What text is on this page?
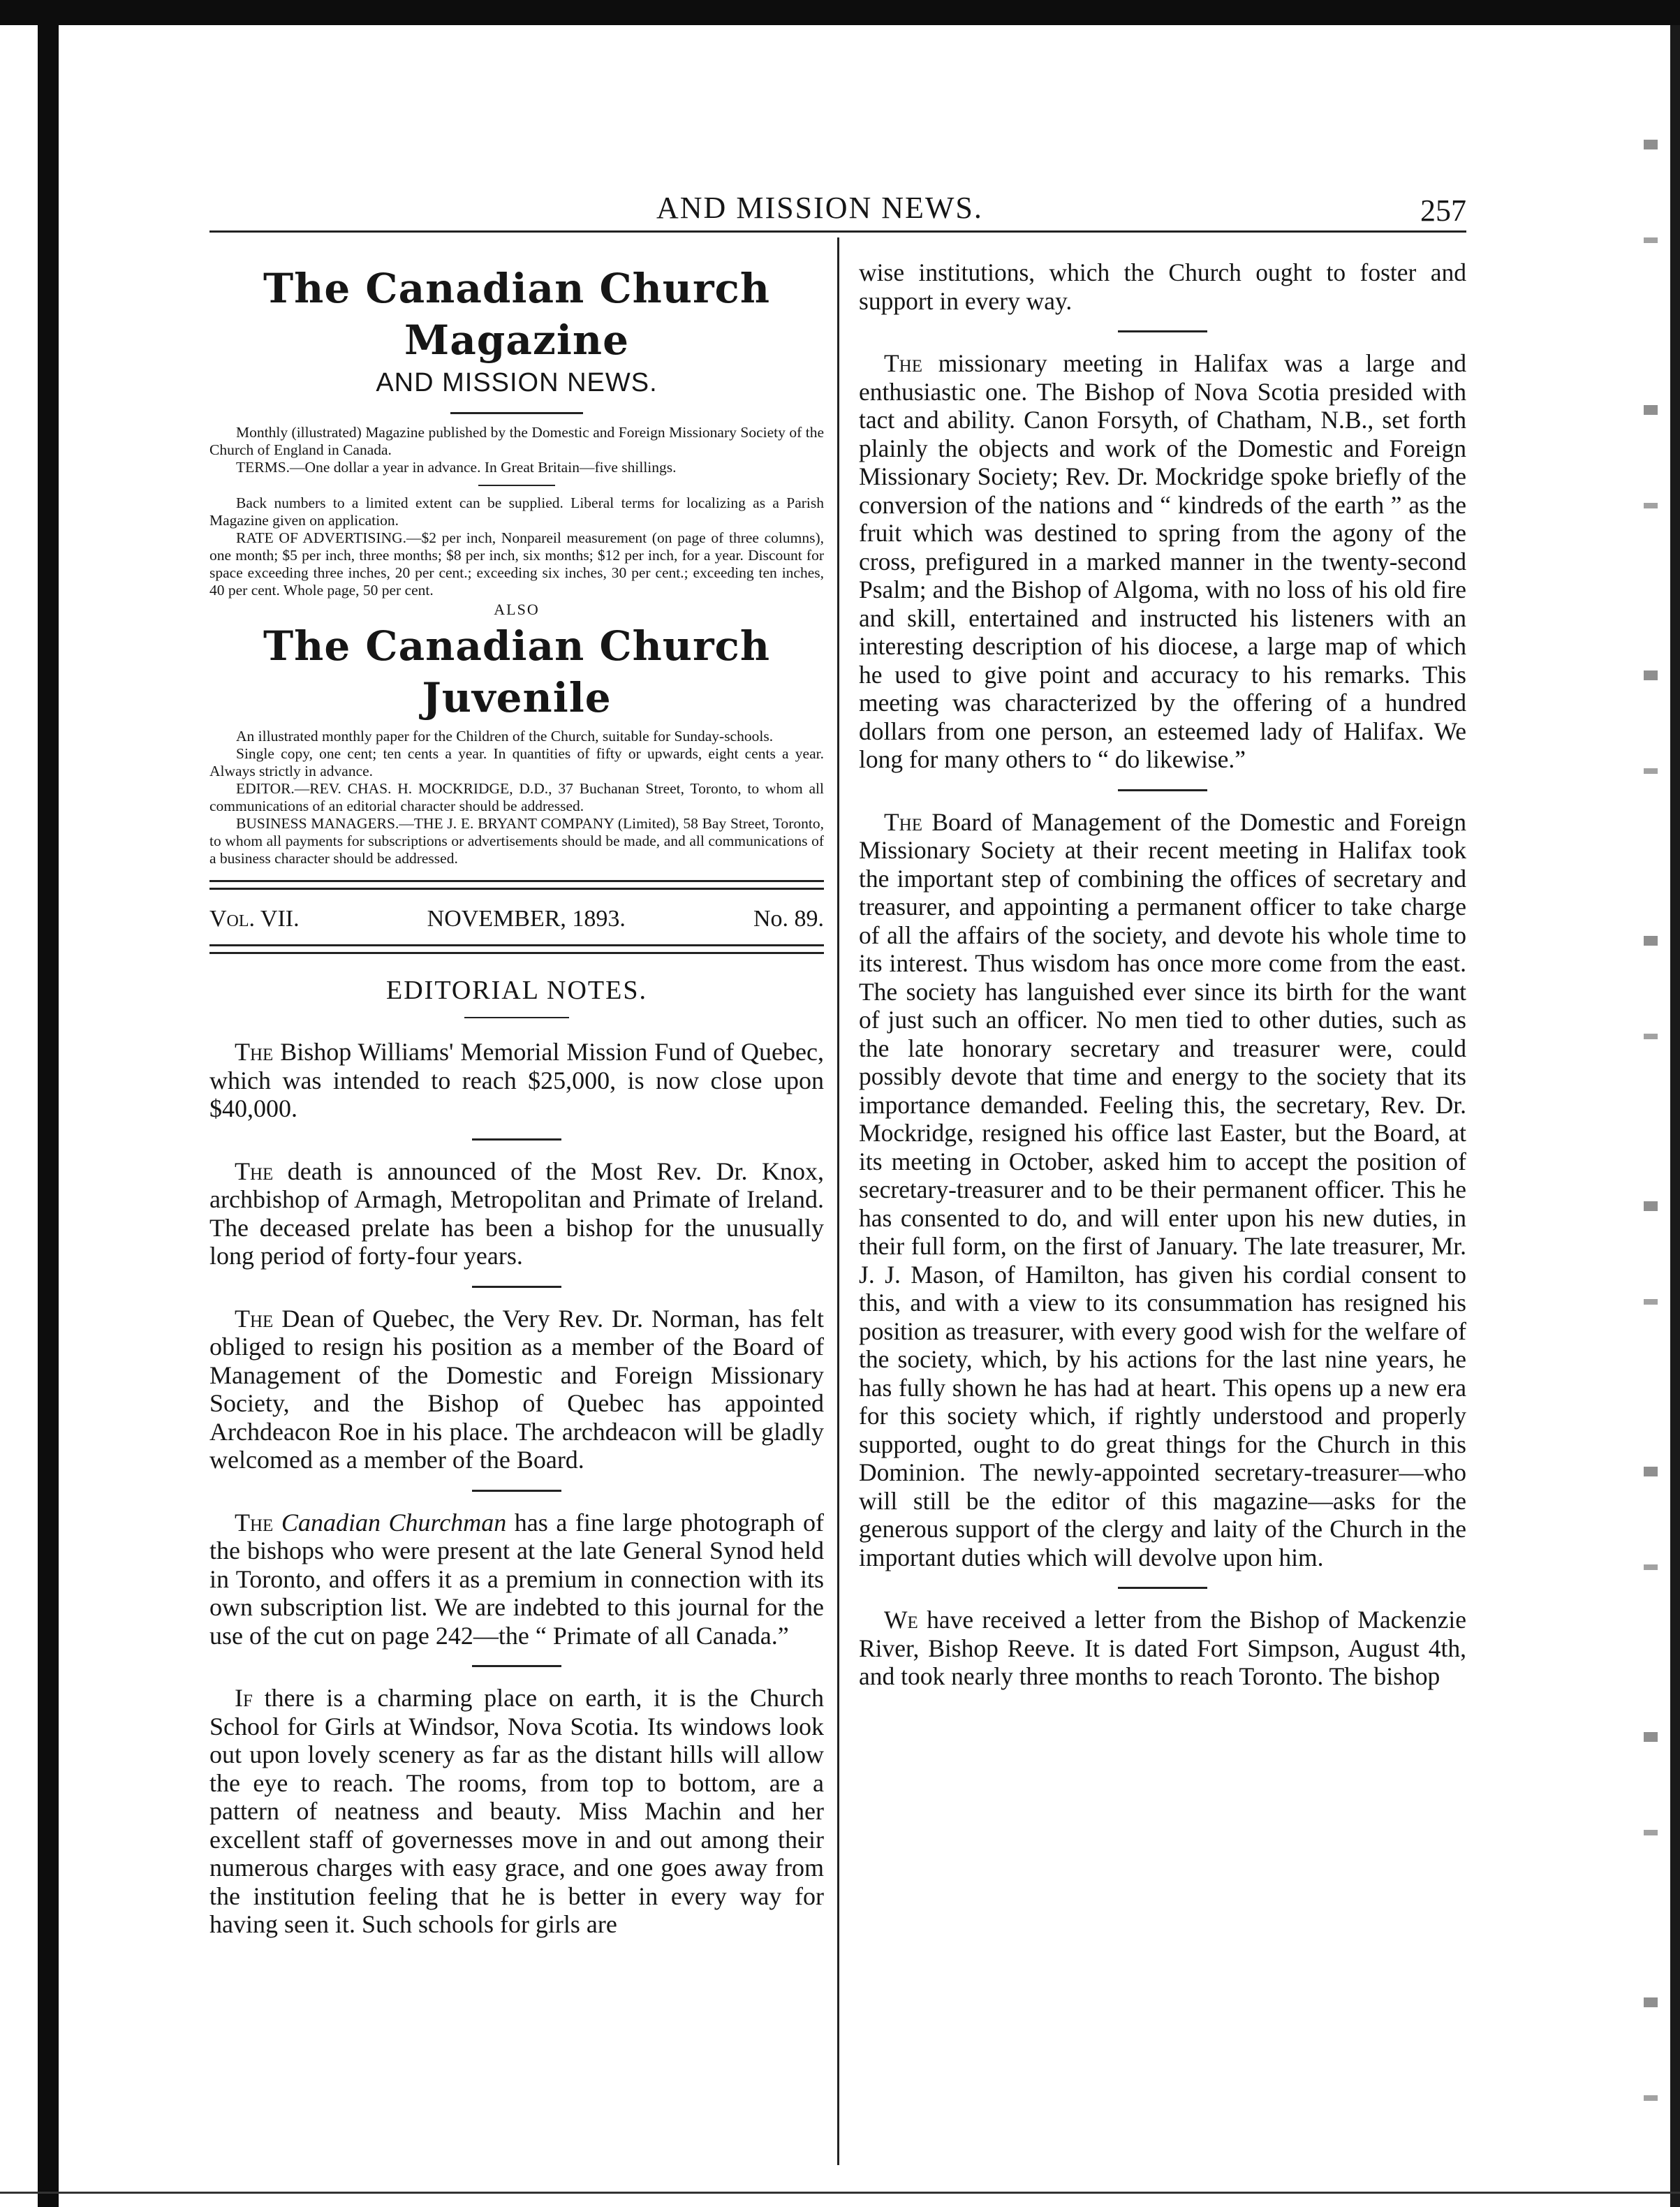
AND MISSION NEWS.	257
The Canadian Church Magazine
AND MISSION NEWS.

Monthly (illustrated) Magazine published by the Domestic and Foreign Missionary Society of the Church of England in Canada.

TERMS.—One dollar a year in advance. In Great Britain—five shillings.

Back numbers to a limited extent can be supplied. Liberal terms for localizing as a Parish Magazine given on application.

RATE OF ADVERTISING.—$2 per inch, Nonpareil measurement (on page of three columns), one month; $5 per inch, three months; $8 per inch, six months; $12 per inch, for a year. Discount for space exceeding three inches, 20 per cent.; exceeding six inches, 30 per cent.; exceeding ten inches, 40 per cent. Whole page, 50 per cent.

ALSO
The Canadian Church Juvenile

An illustrated monthly paper for the Children of the Church, suitable for Sunday-schools.

Single copy, one cent; ten cents a year. In quantities of fifty or upwards, eight cents a year. Always strictly in advance.

EDITOR.—REV. CHAS. H. MOCKRIDGE, D.D., 37 Buchanan Street, Toronto, to whom all communications of an editorial character should be addressed.

BUSINESS MANAGERS.—THE J. E. BRYANT COMPANY (Limited), 58 Bay Street, Toronto, to whom all payments for subscriptions or advertisements should be made, and all communications of a business character should be addressed.

Vol. VII.	NOVEMBER, 1893.	No. 89.
EDITORIAL NOTES.

The Bishop Williams' Memorial Mission Fund of Quebec, which was intended to reach $25,000, is now close upon $40,000.

The death is announced of the Most Rev. Dr. Knox, archbishop of Armagh, Metropolitan and Primate of Ireland. The deceased prelate has been a bishop for the unusually long period of forty-four years.

The Dean of Quebec, the Very Rev. Dr. Norman, has felt obliged to resign his position as a member of the Board of Management of the Domestic and Foreign Missionary Society, and the Bishop of Quebec has appointed Archdeacon Roe in his place. The archdeacon will be gladly welcomed as a member of the Board.

The Canadian Churchman has a fine large photograph of the bishops who were present at the late General Synod held in Toronto, and offers it as a premium in connection with its own subscription list. We are indebted to this journal for the use of the cut on page 242—the “ Primate of all Canada.”

If there is a charming place on earth, it is the Church School for Girls at Windsor, Nova Scotia. Its windows look out upon lovely scenery as far as the distant hills will allow the eye to reach. The rooms, from top to bottom, are a pattern of neatness and beauty. Miss Machin and her excellent staff of governesses move in and out among their numerous charges with easy grace, and one goes away from the institution feeling that he is better in every way for having seen it. Such schools for girls are

wise institutions, which the Church ought to foster and support in every way.

The missionary meeting in Halifax was a large and enthusiastic one. The Bishop of Nova Scotia presided with tact and ability. Canon Forsyth, of Chatham, N.B., set forth plainly the objects and work of the Domestic and Foreign Missionary Society; Rev. Dr. Mockridge spoke briefly of the conversion of the nations and “ kindreds of the earth ” as the fruit which was destined to spring from the agony of the cross, prefigured in a marked manner in the twenty-second Psalm; and the Bishop of Algoma, with no loss of his old fire and skill, entertained and instructed his listeners with an interesting description of his diocese, a large map of which he used to give point and accuracy to his remarks. This meeting was characterized by the offering of a hundred dollars from one person, an esteemed lady of Halifax. We long for many others to “ do likewise.”

The Board of Management of the Domestic and Foreign Missionary Society at their recent meeting in Halifax took the important step of combining the offices of secretary and treasurer, and appointing a permanent officer to take charge of all the affairs of the society, and devote his whole time to its interest. Thus wisdom has once more come from the east. The society has languished ever since its birth for the want of just such an officer. No men tied to other duties, such as the late honorary secretary and treasurer were, could possibly devote that time and energy to the society that its importance demanded. Feeling this, the secretary, Rev. Dr. Mockridge, resigned his office last Easter, but the Board, at its meeting in October, asked him to accept the position of secretary-treasurer and to be their permanent officer. This he has consented to do, and will enter upon his new duties, in their full form, on the first of January. The late treasurer, Mr. J. J. Mason, of Hamilton, has given his cordial consent to this, and with a view to its consummation has resigned his position as treasurer, with every good wish for the welfare of the society, which, by his actions for the last nine years, he has fully shown he has had at heart. This opens up a new era for this society which, if rightly understood and properly supported, ought to do great things for the Church in this Dominion. The newly-appointed secretary-treasurer—who will still be the editor of this magazine—asks for the generous support of the clergy and laity of the Church in the important duties which will devolve upon him.

We have received a letter from the Bishop of Mackenzie River, Bishop Reeve. It is dated Fort Simpson, August 4th, and took nearly three months to reach Toronto. The bishop
